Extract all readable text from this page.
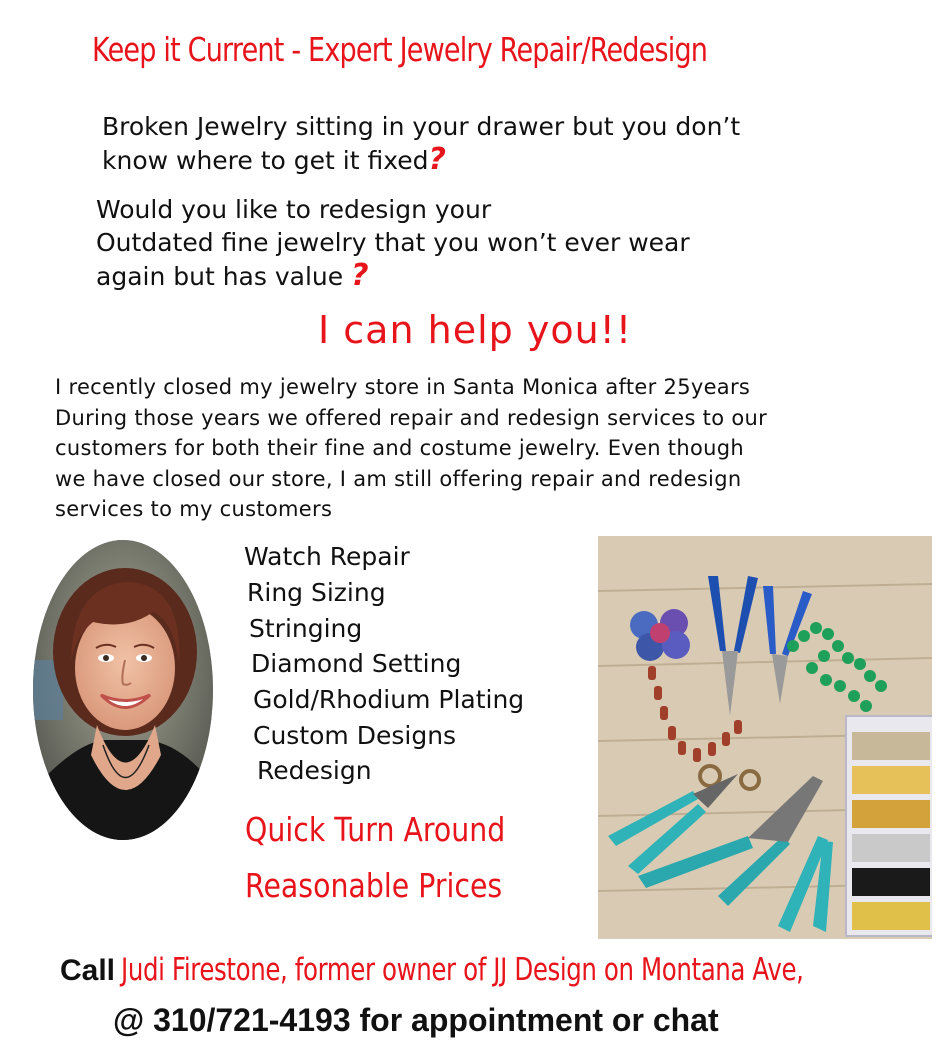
Keep it Current - Expert Jewelry Repair/Redesign
Broken Jewelry sitting in your drawer but you don’t
know where to get it fixed?
Would you like to redesign your
Outdated fine jewelry that you won’t ever wear
again but has value ?
I can help you!!
I recently closed my jewelry store in Santa Monica after 25years
During those years we offered repair and redesign services to our
customers for both their fine and costume jewelry. Even though
we have closed our store, I am still offering repair and redesign
services to my customers
Watch Repair
Ring Sizing
Stringing
Diamond Setting
Gold/Rhodium Plating
Custom Designs
Redesign
Quick Turn Around
Reasonable Prices
Call Judi Firestone, former owner of JJ Design on Montana Ave,
@ 310/721-4193 for appointment or chat
